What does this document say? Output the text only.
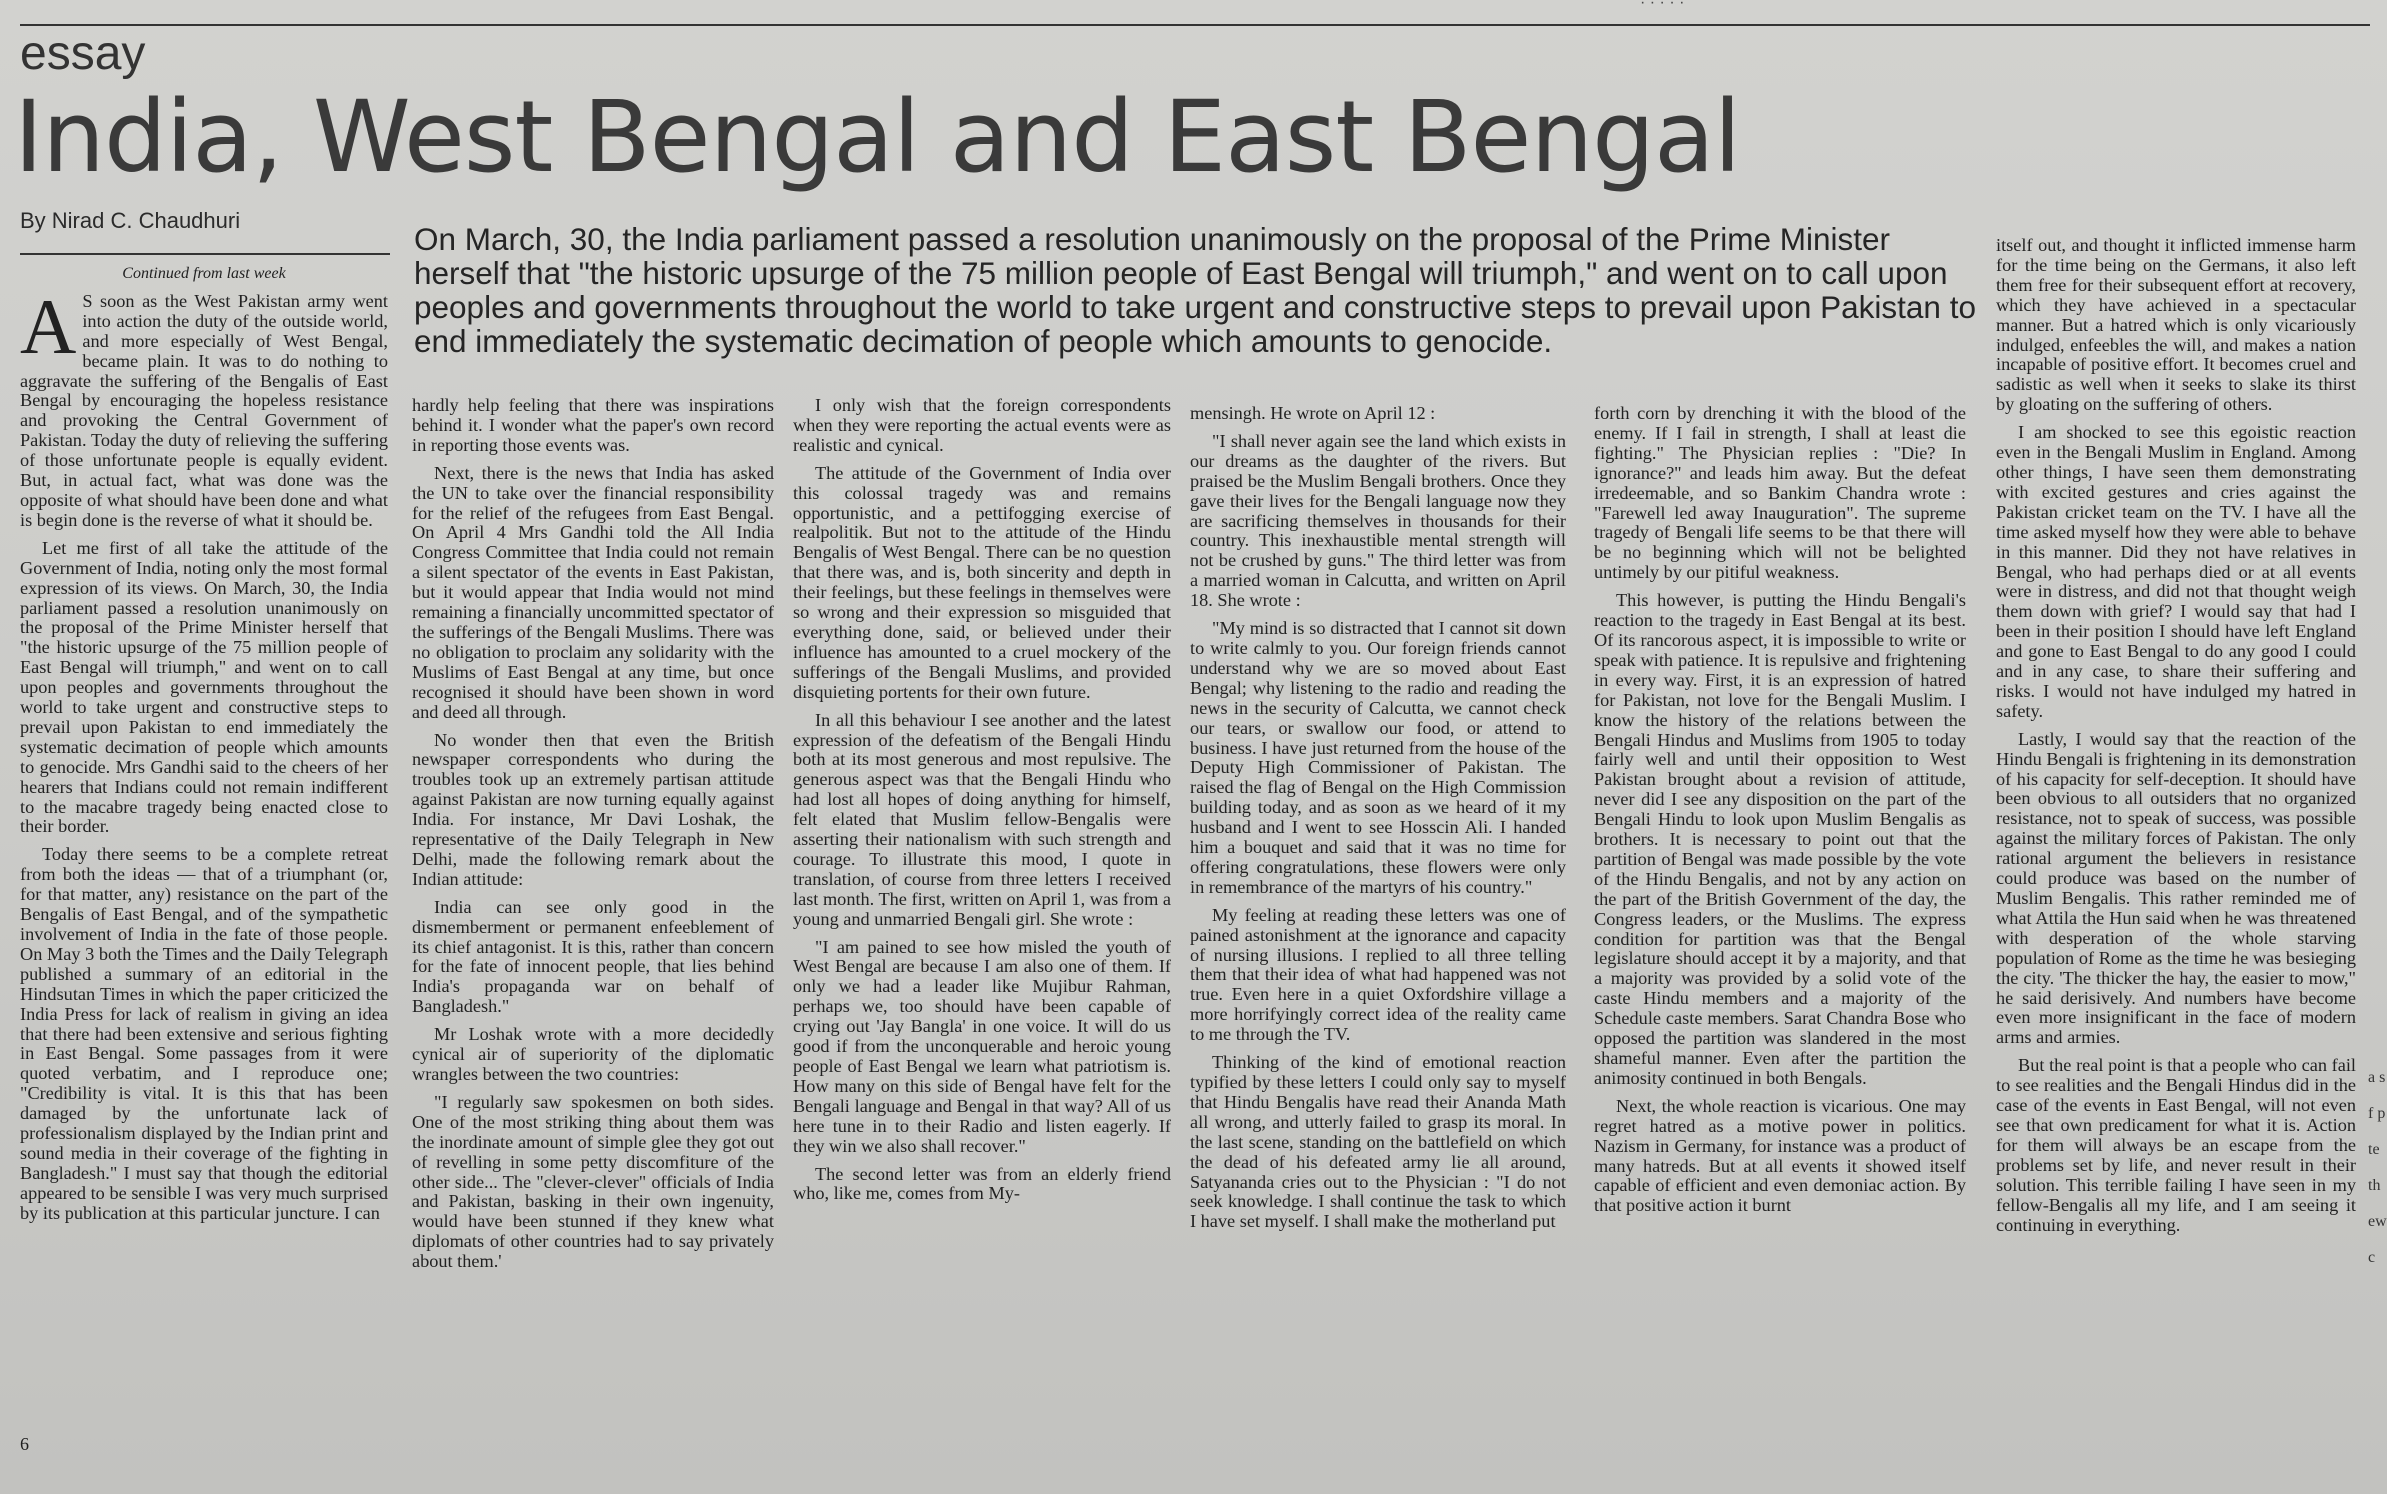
· · · · ·
essay
India, West Bengal and East Bengal
By Nirad C. Chaudhuri
On March, 30, the India parliament passed a resolution unanimously on the proposal of the Prime Minister herself that "the historic upsurge of the 75 million people of East Bengal will triumph," and went on to call upon peoples and governments throughout the world to take urgent and constructive steps to prevail upon Pakistan to end immediately the systematic decimation of people which amounts to genocide.

Continued from last week

A S soon as the West Pakistan army went into action the duty of the outside world, and more especially of West Bengal, became plain. It was to do nothing to aggravate the suffering of the Bengalis of East Bengal by encouraging the hopeless resistance and provoking the Central Government of Pakistan. Today the duty of relieving the suffering of those unfortunate people is equally evident. But, in actual fact, what was done was the opposite of what should have been done and what is begin done is the reverse of what it should be.

Let me first of all take the attitude of the Government of India, noting only the most formal expression of its views. On March, 30, the India parliament passed a resolution unanimously on the proposal of the Prime Minister herself that "the historic upsurge of the 75 million people of East Bengal will triumph," and went on to call upon peoples and governments throughout the world to take urgent and constructive steps to prevail upon Pakistan to end immediately the systematic decimation of people which amounts to genocide. Mrs Gandhi said to the cheers of her hearers that Indians could not remain indifferent to the macabre tragedy being enacted close to their border.

Today there seems to be a complete retreat from both the ideas — that of a triumphant (or, for that matter, any) resistance on the part of the Bengalis of East Bengal, and of the sympathetic involvement of India in the fate of those people. On May 3 both the Times and the Daily Telegraph published a summary of an editorial in the Hindsutan Times in which the paper criticized the India Press for lack of realism in giving an idea that there had been extensive and serious fighting in East Bengal. Some passages from it were quoted verbatim, and I reproduce one; "Credibility is vital. It is this that has been damaged by the unfortunate lack of professionalism displayed by the Indian print and sound media in their coverage of the fighting in Bangladesh." I must say that though the editorial appeared to be sensible I was very much surprised by its publication at this particular juncture. I can

hardly help feeling that there was inspirations behind it. I wonder what the paper's own record in reporting those events was.

Next, there is the news that India has asked the UN to take over the financial responsibility for the relief of the refugees from East Bengal. On April 4 Mrs Gandhi told the All India Congress Committee that India could not remain a silent spectator of the events in East Pakistan, but it would appear that India would not mind remaining a financially uncommitted spectator of the sufferings of the Bengali Muslims. There was no obligation to proclaim any solidarity with the Muslims of East Bengal at any time, but once recognised it should have been shown in word and deed all through.

No wonder then that even the British newspaper correspondents who during the troubles took up an extremely partisan attitude against Pakistan are now turning equally against India. For instance, Mr Davi Loshak, the representative of the Daily Telegraph in New Delhi, made the following remark about the Indian attitude:

India can see only good in the dismemberment or permanent enfeeblement of its chief antagonist. It is this, rather than concern for the fate of innocent people, that lies behind India's propaganda war on behalf of Bangladesh."

Mr Loshak wrote with a more decidedly cynical air of superiority of the diplomatic wrangles between the two countries:

"I regularly saw spokesmen on both sides. One of the most striking thing about them was the inordinate amount of simple glee they got out of revelling in some petty discomfiture of the other side... The "clever-clever" officials of India and Pakistan, basking in their own ingenuity, would have been stunned if they knew what diplomats of other countries had to say privately about them.'

I only wish that the foreign correspondents when they were reporting the actual events were as realistic and cynical.

The attitude of the Government of India over this colossal tragedy was and remains opportunistic, and a pettifogging exercise of realpolitik. But not to the attitude of the Hindu Bengalis of West Bengal. There can be no question that there was, and is, both sincerity and depth in their feelings, but these feelings in themselves were so wrong and their expression so misguided that everything done, said, or believed under their influence has amounted to a cruel mockery of the sufferings of the Bengali Muslims, and provided disquieting portents for their own future.

In all this behaviour I see another and the latest expression of the defeatism of the Bengali Hindu both at its most generous and most repulsive. The generous aspect was that the Bengali Hindu who had lost all hopes of doing anything for himself, felt elated that Muslim fellow-Bengalis were asserting their nationalism with such strength and courage. To illustrate this mood, I quote in translation, of course from three letters I received last month. The first, written on April 1, was from a young and unmarried Bengali girl. She wrote :

"I am pained to see how misled the youth of West Bengal are because I am also one of them. If only we had a leader like Mujibur Rahman, perhaps we, too should have been capable of crying out 'Jay Bangla' in one voice. It will do us good if from the unconquerable and heroic young people of East Bengal we learn what patriotism is. How many on this side of Bengal have felt for the Bengali language and Bengal in that way? All of us here tune in to their Radio and listen eagerly. If they win we also shall recover."

The second letter was from an elderly friend who, like me, comes from My-

mensingh. He wrote on April 12 :

"I shall never again see the land which exists in our dreams as the daughter of the rivers. But praised be the Muslim Bengali brothers. Once they gave their lives for the Bengali language now they are sacrificing themselves in thousands for their country. This inexhaustible mental strength will not be crushed by guns." The third letter was from a married woman in Calcutta, and written on April 18. She wrote :

"My mind is so distracted that I cannot sit down to write calmly to you. Our foreign friends cannot understand why we are so moved about East Bengal; why listening to the radio and reading the news in the security of Calcutta, we cannot check our tears, or swallow our food, or attend to business. I have just returned from the house of the Deputy High Commissioner of Pakistan. The raised the flag of Bengal on the High Commission building today, and as soon as we heard of it my husband and I went to see Hosscin Ali. I handed him a bouquet and said that it was no time for offering congratulations, these flowers were only in remembrance of the martyrs of his country."

My feeling at reading these letters was one of pained astonishment at the ignorance and capacity of nursing illusions. I replied to all three telling them that their idea of what had happened was not true. Even here in a quiet Oxfordshire village a more horrifyingly correct idea of the reality came to me through the TV.

Thinking of the kind of emotional reaction typified by these letters I could only say to myself that Hindu Bengalis have read their Ananda Math all wrong, and utterly failed to grasp its moral. In the last scene, standing on the battlefield on which the dead of his defeated army lie all around, Satyananda cries out to the Physician : "I do not seek knowledge. I shall continue the task to which I have set myself. I shall make the motherland put

forth corn by drenching it with the blood of the enemy. If I fail in strength, I shall at least die fighting." The Physician replies : "Die? In ignorance?" and leads him away. But the defeat irredeemable, and so Bankim Chandra wrote : "Farewell led away Inauguration". The supreme tragedy of Bengali life seems to be that there will be no beginning which will not be belighted untimely by our pitiful weakness.

This however, is putting the Hindu Bengali's reaction to the tragedy in East Bengal at its best. Of its rancorous aspect, it is impossible to write or speak with patience. It is repulsive and frightening in every way. First, it is an expression of hatred for Pakistan, not love for the Bengali Muslim. I know the history of the relations between the Bengali Hindus and Muslims from 1905 to today fairly well and until their opposition to West Pakistan brought about a revision of attitude, never did I see any disposition on the part of the Bengali Hindu to look upon Muslim Bengalis as brothers. It is necessary to point out that the partition of Bengal was made possible by the vote of the Hindu Bengalis, and not by any action on the part of the British Government of the day, the Congress leaders, or the Muslims. The express condition for partition was that the Bengal legislature should accept it by a majority, and that a majority was provided by a solid vote of the caste Hindu members and a majority of the Schedule caste members. Sarat Chandra Bose who opposed the partition was slandered in the most shameful manner. Even after the partition the animosity continued in both Bengals.

Next, the whole reaction is vicarious. One may regret hatred as a motive power in politics. Nazism in Germany, for instance was a product of many hatreds. But at all events it showed itself capable of efficient and even demoniac action. By that positive action it burnt

itself out, and thought it inflicted immense harm for the time being on the Germans, it also left them free for their subsequent effort at recovery, which they have achieved in a spectacular manner. But a hatred which is only vicariously indulged, enfeebles the will, and makes a nation incapable of positive effort. It becomes cruel and sadistic as well when it seeks to slake its thirst by gloating on the suffering of others.

I am shocked to see this egoistic reaction even in the Bengali Muslim in England. Among other things, I have seen them demonstrating with excited gestures and cries against the Pakistan cricket team on the TV. I have all the time asked myself how they were able to behave in this manner. Did they not have relatives in Bengal, who had perhaps died or at all events were in distress, and did not that thought weigh them down with grief? I would say that had I been in their position I should have left England and gone to East Bengal to do any good I could and in any case, to share their suffering and risks. I would not have indulged my hatred in safety.

Lastly, I would say that the reaction of the Hindu Bengali is frightening in its demonstration of his capacity for self-deception. It should have been obvious to all outsiders that no organized resistance, not to speak of success, was possible against the military forces of Pakistan. The only rational argument the believers in resistance could produce was based on the number of Muslim Bengalis. This rather reminded me of what Attila the Hun said when he was threatened with desperation of the whole starving population of Rome as the time he was besieging the city. 'The thicker the hay, the easier to mow," he said derisively. And numbers have become even more insignificant in the face of modern arms and armies.

But the real point is that a people who can fail to see realities and the Bengali Hindus did in the case of the events in East Bengal, will not even see that own predicament for what it is. Action for them will always be an escape from the problems set by life, and never result in their solution. This terrible failing I have seen in my fellow-Bengalis all my life, and I am seeing it continuing in everything.

a s f p te th ew c
6
